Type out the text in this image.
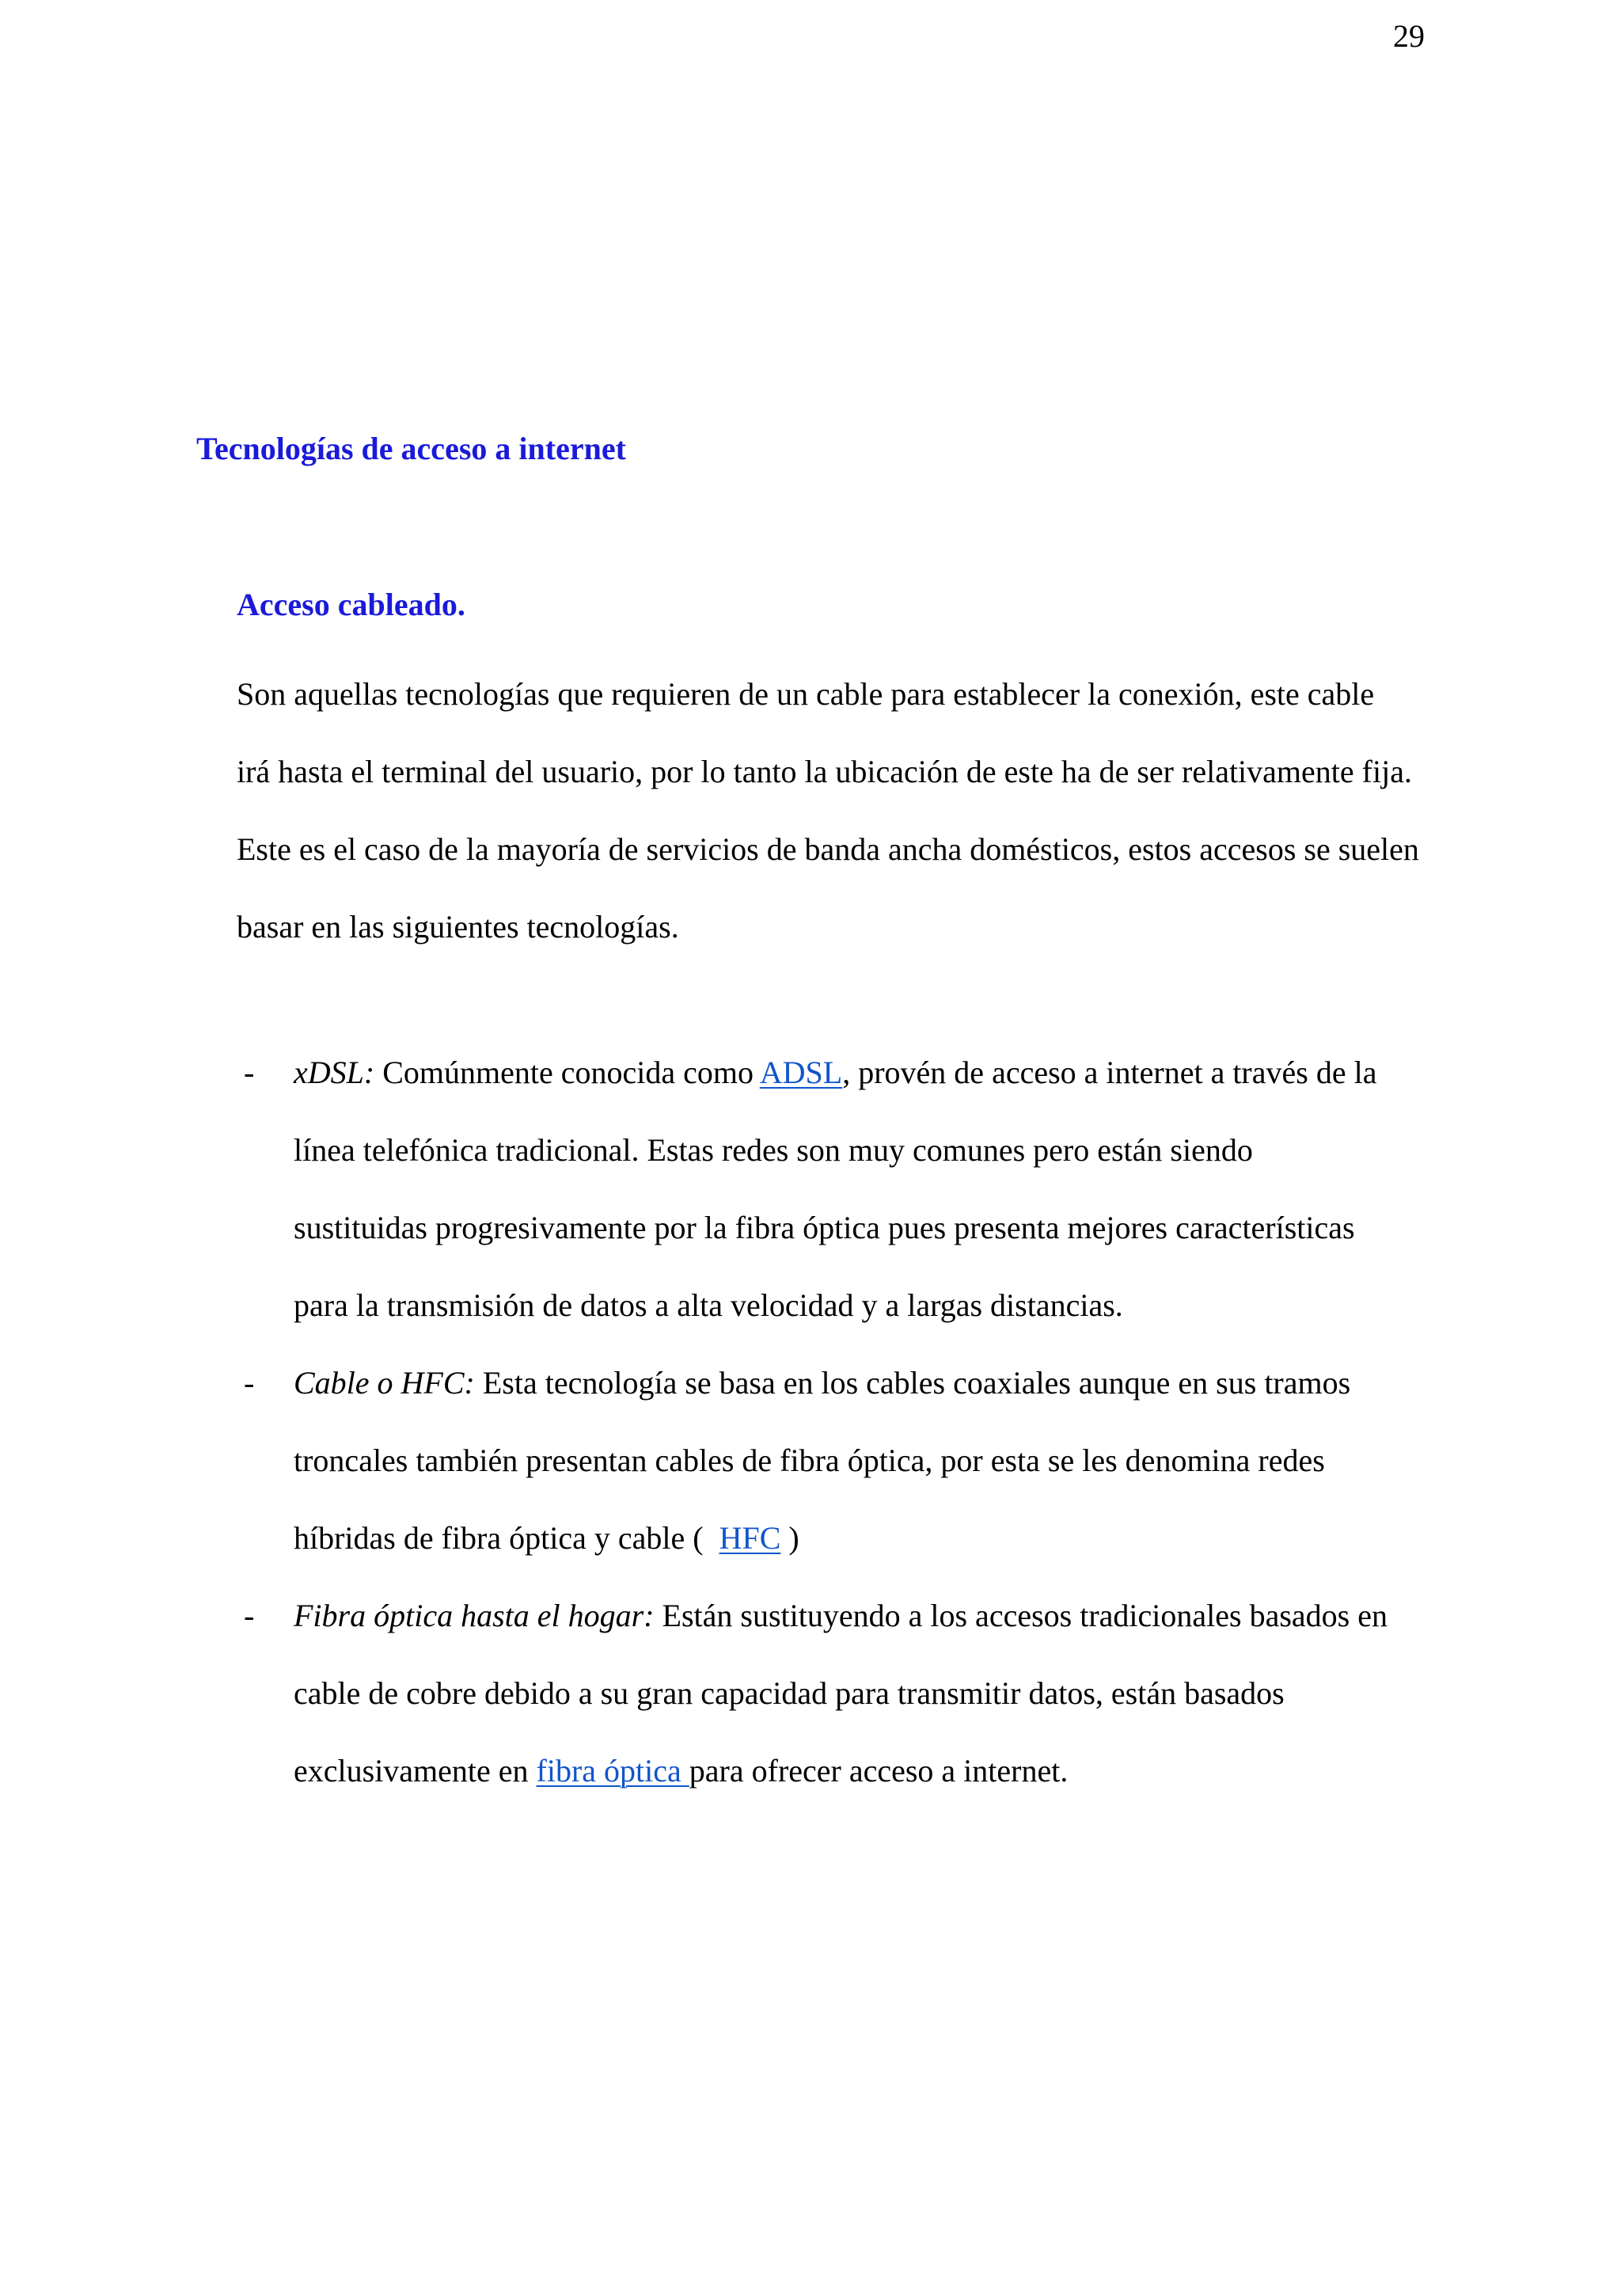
29
Tecnologías de acceso a internet
Acceso cableado.

Son aquellas tecnologías que requieren de un cable para establecer la conexión, este cable
irá hasta el terminal del usuario, por lo tanto la ubicación de este ha de ser relativamente fija.
Este es el caso de la mayoría de servicios de banda ancha domésticos, estos accesos se suelen
basar en las siguientes tecnologías.

- xDSL: Comúnmente conocida como ADSL, provén de acceso a internet a través de la
línea telefónica tradicional. Estas redes son muy comunes pero están siendo
sustituidas progresivamente por la fibra óptica pues presenta mejores características
para la transmisión de datos a alta velocidad y a largas distancias.
- Cable o HFC: Esta tecnología se basa en los cables coaxiales aunque en sus tramos
troncales también presentan cables de fibra óptica, por esta se les denomina redes
híbridas de fibra óptica y cable (  HFC )
- Fibra óptica hasta el hogar: Están sustituyendo a los accesos tradicionales basados en
cable de cobre debido a su gran capacidad para transmitir datos, están basados
exclusivamente en fibra óptica para ofrecer acceso a internet.
